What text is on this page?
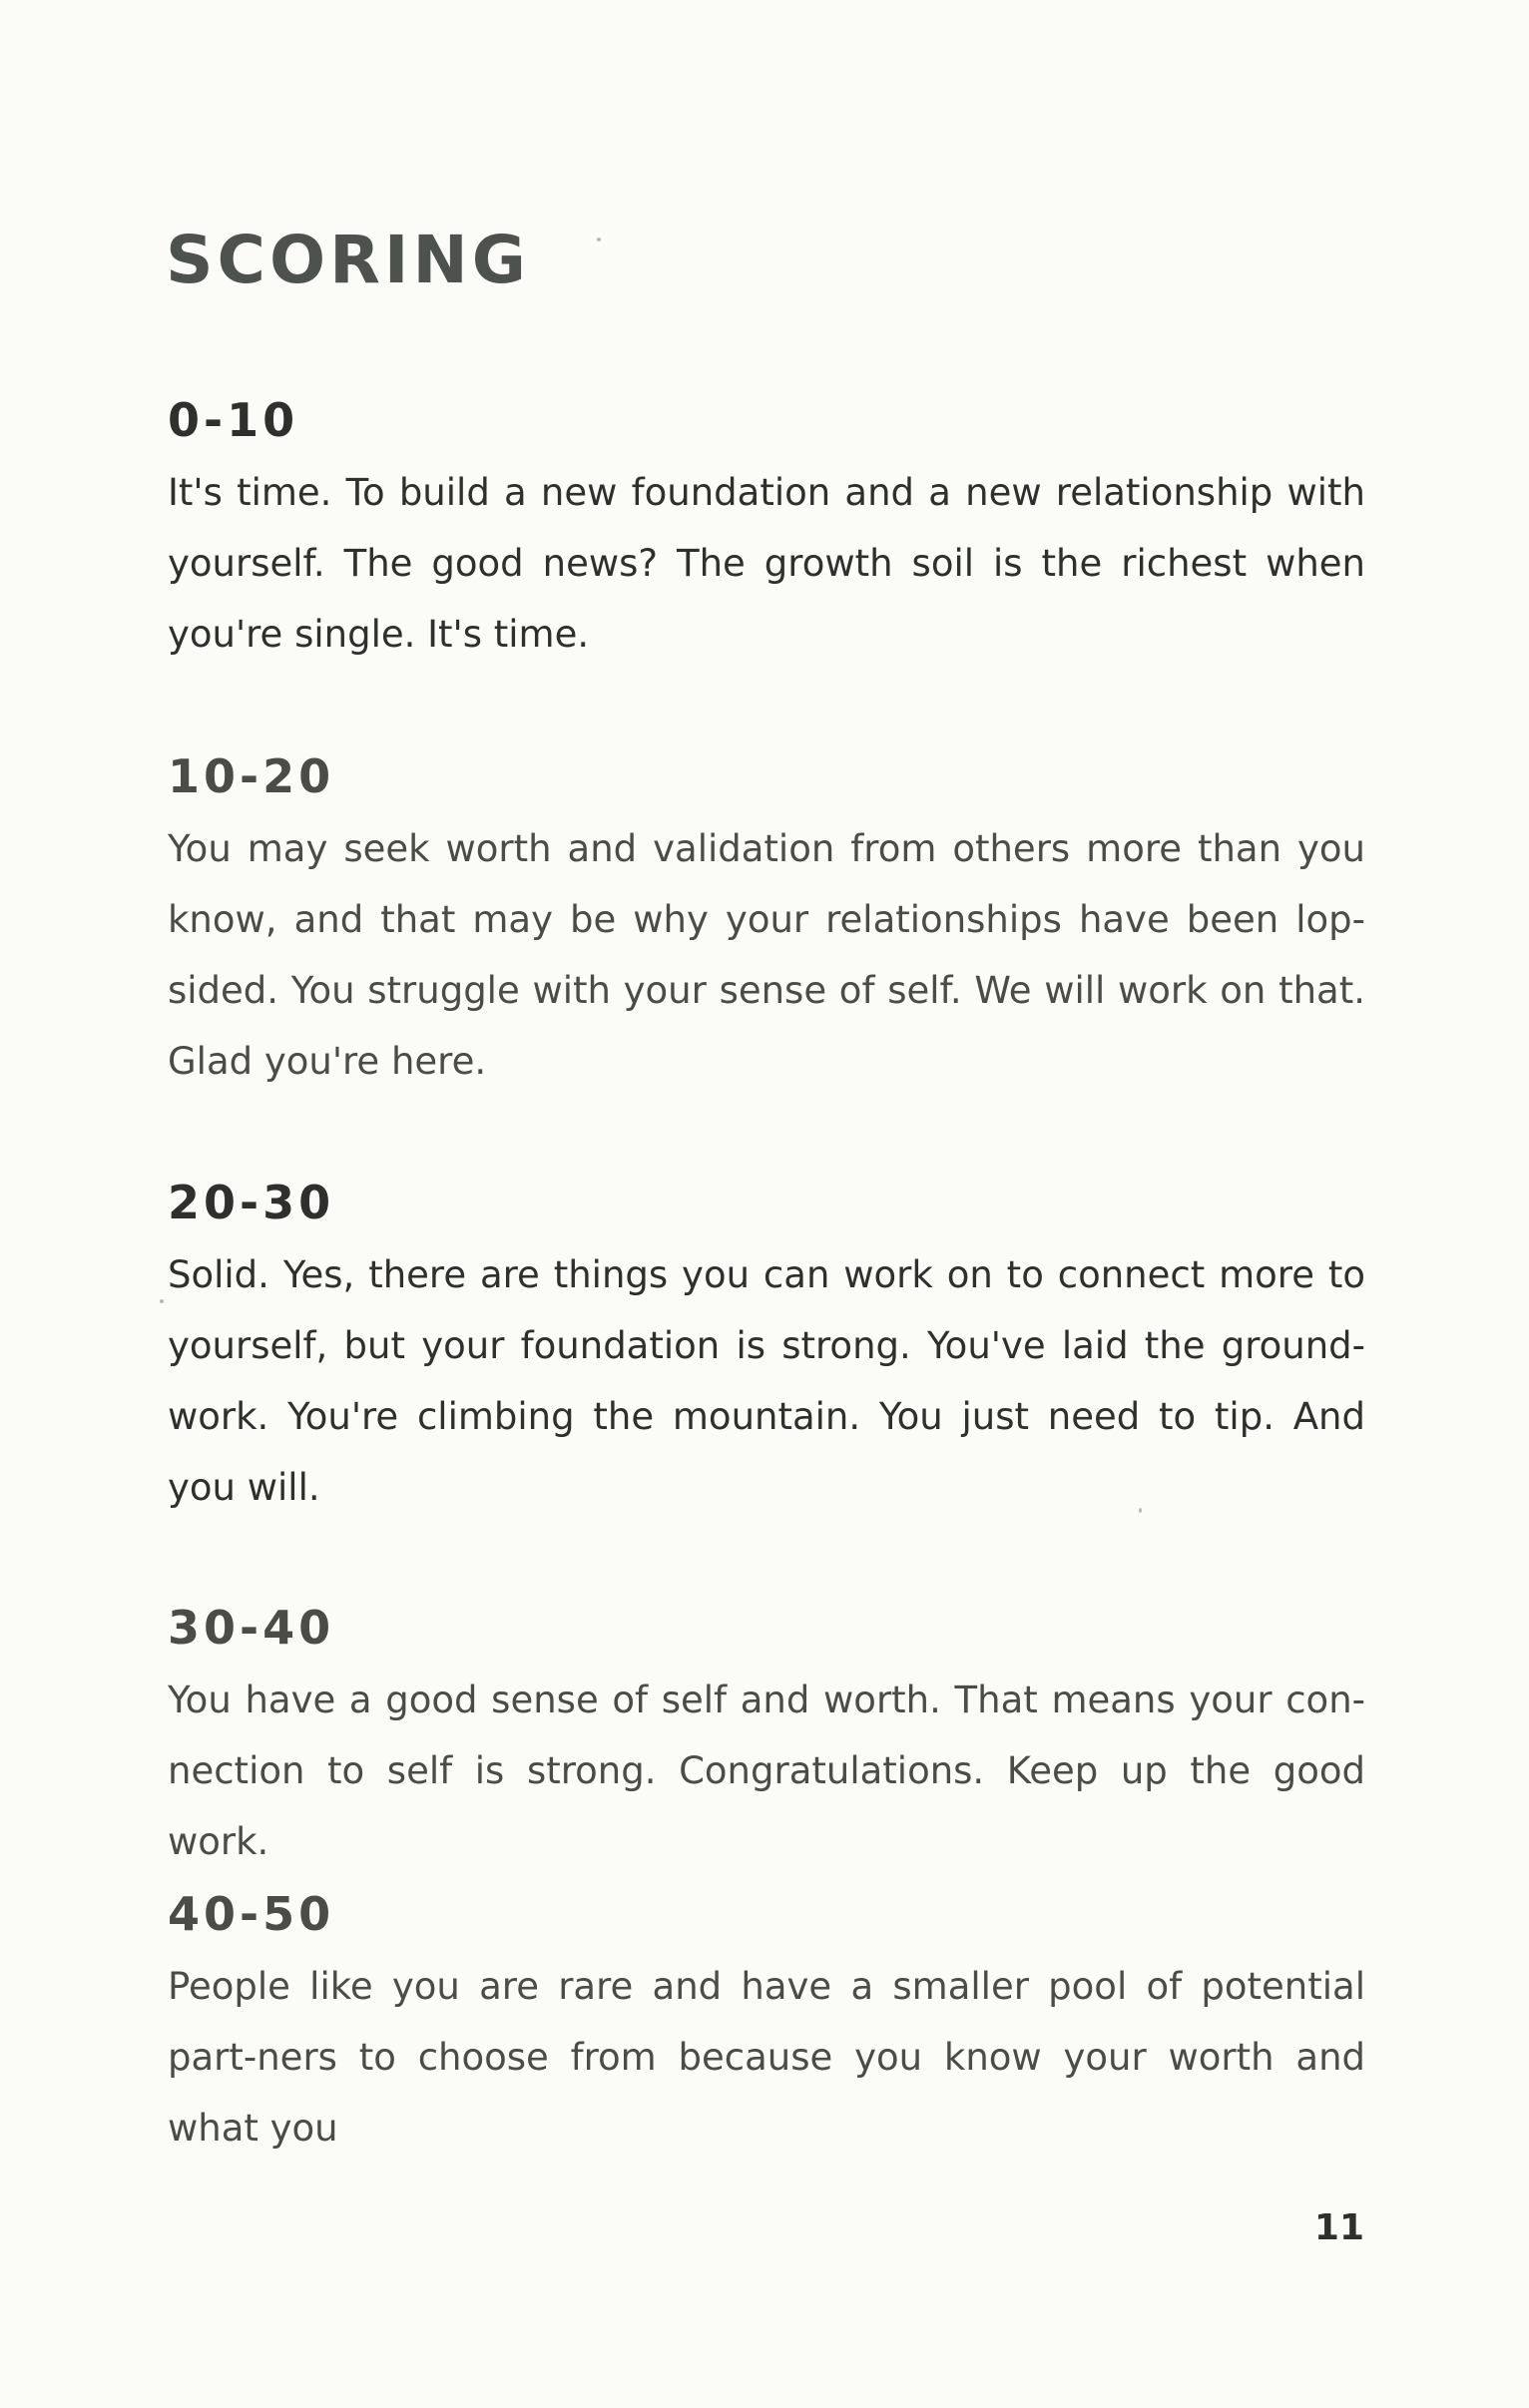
SCORING
0-10

It's time. To build a new foundation and a new relationship with yourself. The good news? The growth soil is the richest when you're single. It's time.

10-20

You may seek worth and validation from others more than you know, and that may be why your relationships have been lop-sided. You struggle with your sense of self. We will work on that. Glad you're here.

20-30

Solid. Yes, there are things you can work on to connect more to yourself, but your foundation is strong. You've laid the ground-work. You're climbing the mountain. You just need to tip. And you will.

30-40

You have a good sense of self and worth. That means your con-nection to self is strong. Congratulations. Keep up the good work.

40-50

People like you are rare and have a smaller pool of potential part-ners to choose from because you know your worth and what you

11
